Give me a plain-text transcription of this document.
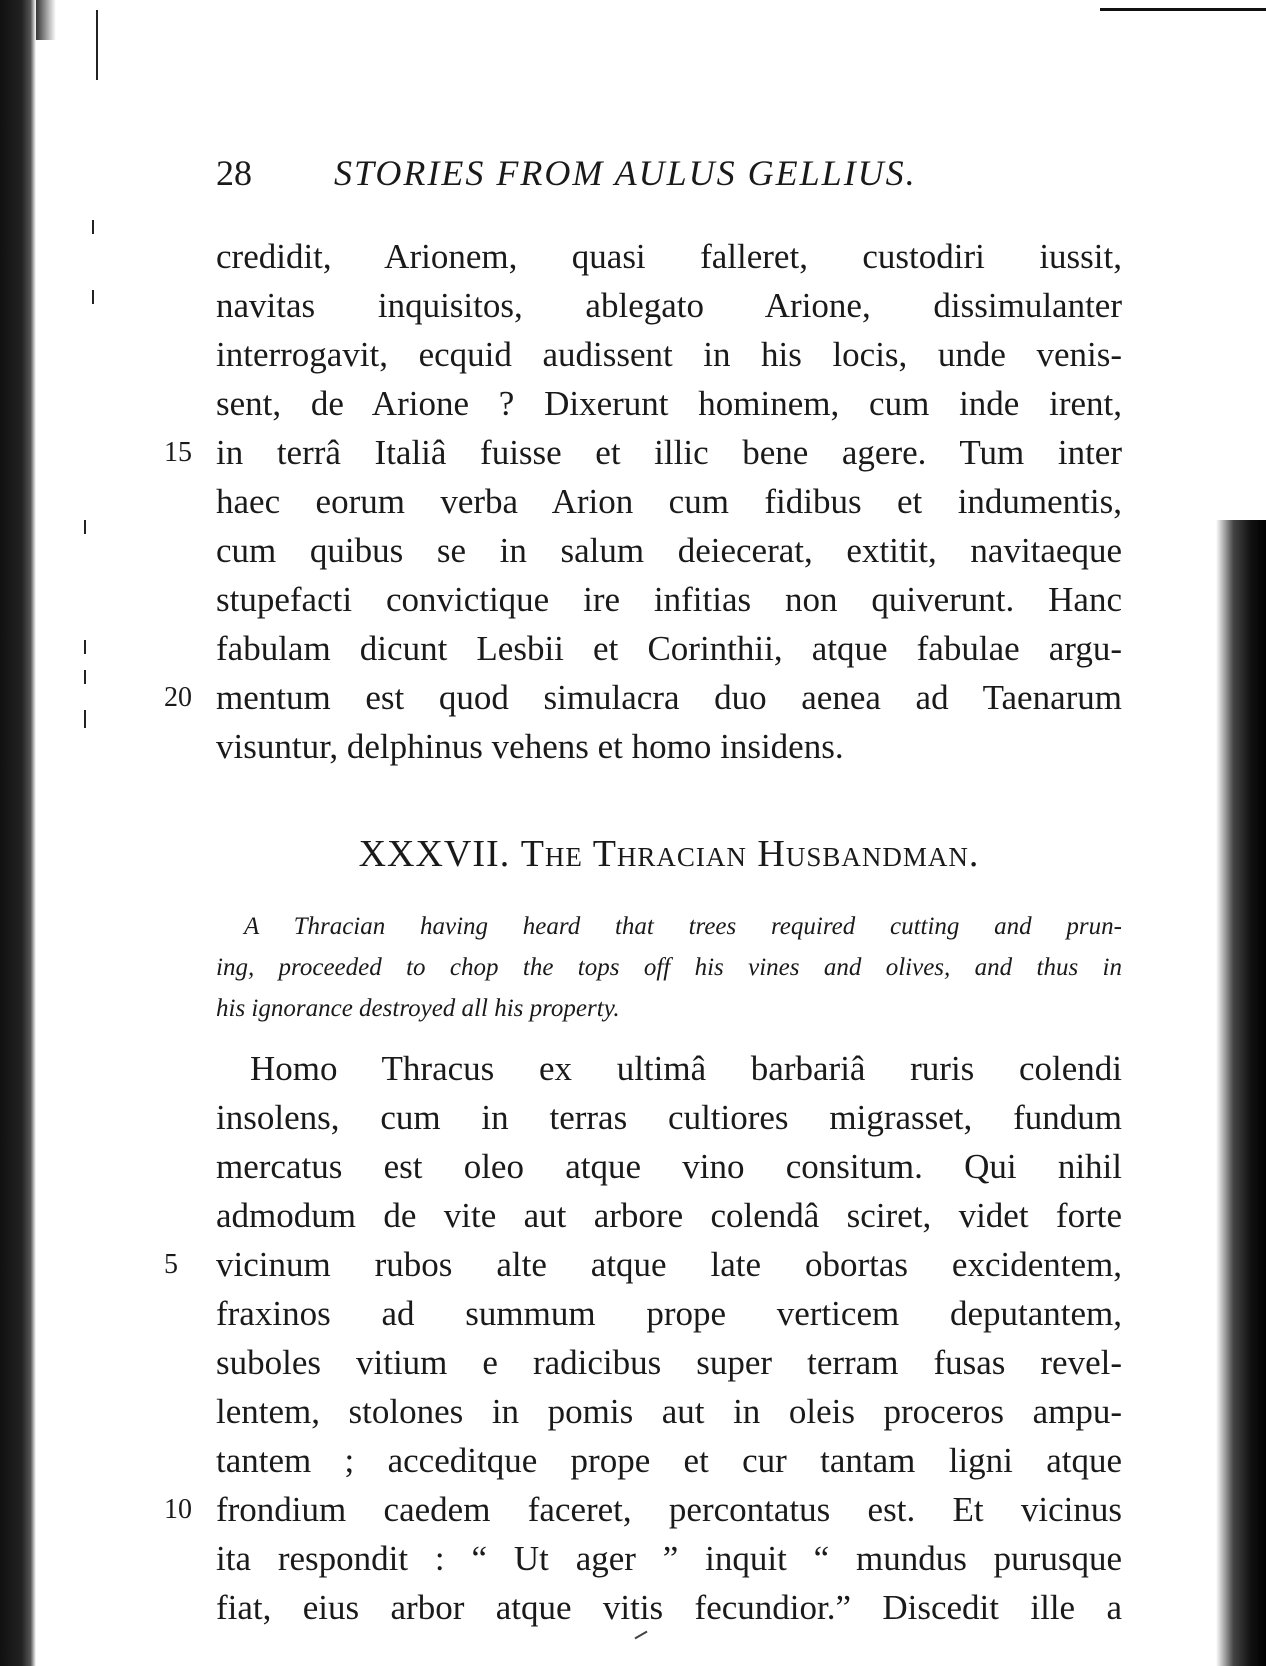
28 STORIES FROM AULUS GELLIUS.
credidit, Arionem, quasi falleret, custodiri iussit,
navitas inquisitos, ablegato Arione, dissimulanter
interrogavit, ecquid audissent in his locis, unde venis-
sent, de Arione ? Dixerunt hominem, cum inde irent,
15 in terrâ Italiâ fuisse et illic bene agere. Tum inter
haec eorum verba Arion cum fidibus et indumentis,
cum quibus se in salum deiecerat, extitit, navitaeque
stupefacti convictique ire infitias non quiverunt. Hanc
fabulam dicunt Lesbii et Corinthii, atque fabulae argu-
20 mentum est quod simulacra duo aenea ad Taenarum
visuntur, delphinus vehens et homo insidens.
XXXVII. The Thracian Husbandman.
A Thracian having heard that trees required cutting and prun-
ing, proceeded to chop the tops off his vines and olives, and thus in
his ignorance destroyed all his property.
Homo Thracus ex ultimâ barbariâ ruris colendi
insolens, cum in terras cultiores migrasset, fundum
mercatus est oleo atque vino consitum. Qui nihil
admodum de vite aut arbore colendâ sciret, videt forte
5	vicinum rubos alte atque late obortas excidentem,
fraxinos ad summum prope verticem deputantem,
suboles vitium e radicibus super terram fusas revel-
lentem, stolones in pomis aut in oleis proceros ampu-
tantem ; acceditque prope et cur tantam ligni atque
10 frondium caedem faceret, percontatus est. Et vicinus
ita respondit : “ Ut ager ” inquit “ mundus purusque
fiat, eius arbor atque vitis fecundior.” Discedit ille a
